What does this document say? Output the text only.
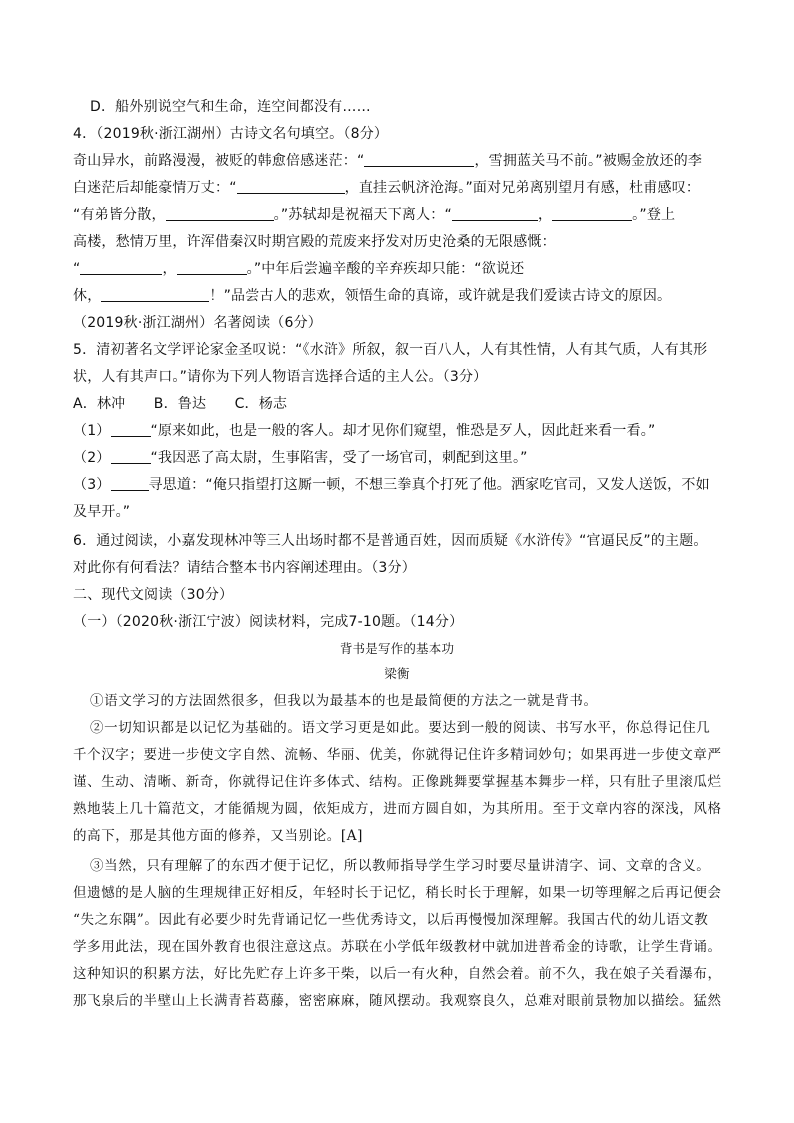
D．船外别说空气和生命，连空间都没有……
4．（2019秋·浙江湖州）古诗文名句填空。（8分）
奇山异水，前路漫漫，被贬的韩愈倍感迷茫：“	，雪拥蓝关马不前。”被赐金放还的李
白迷茫后却能豪情万丈：“	，直挂云帆济沧海。”面对兄弟离别望月有感，杜甫感叹：
“有弟皆分散，	。”苏轼却是祝福天下离人：“	，	。”登上
高楼，愁情万里，许浑借秦汉时期宫殿的荒废来抒发对历史沧桑的无限感慨：
“	，	。”中年后尝遍辛酸的辛弃疾却只能：“欲说还
休，	！”品尝古人的悲欢，领悟生命的真谛，或许就是我们爱读古诗文的原因。
（2019秋·浙江湖州）名著阅读（6分）
5．清初著名文学评论家金圣叹说：“《水浒》所叙，叙一百八人，人有其性情，人有其气质，人有其形
状，人有其声口。”请你为下列人物语言选择合适的主人公。（3分）
A．林冲　　B．鲁达　　C．杨志
（1）	“原来如此，也是一般的客人。却才见你们窥望，惟恐是歹人，因此赶来看一看。”
（2）	“我因恶了高太尉，生事陷害，受了一场官司，刺配到这里。”
（3）	寻思道：“俺只指望打这厮一顿，不想三拳真个打死了他。洒家吃官司，又发人送饭，不如
及早开。”
6．通过阅读，小嘉发现林冲等三人出场时都不是普通百姓，因而质疑《水浒传》“官逼民反”的主题。
对此你有何看法？请结合整本书内容阐述理由。（3分）
二、现代文阅读（30分）
（一）（2020秋·浙江宁波）阅读材料，完成7-10题。（14分）
背书是写作的基本功
梁衡
①语文学习的方法固然很多，但我以为最基本的也是最简便的方法之一就是背书。
②一切知识都是以记忆为基础的。语文学习更是如此。要达到一般的阅读、书写水平，你总得记住几
千个汉字；要进一步使文字自然、流畅、华丽、优美，你就得记住许多精词妙句；如果再进一步使文章严
谨、生动、清晰、新奇，你就得记住许多体式、结构。正像跳舞要掌握基本舞步一样，只有肚子里滚瓜烂
熟地装上几十篇范文，才能循规为圆，依矩成方，进而方圆自如，为其所用。至于文章内容的深浅，风格
的高下，那是其他方面的修养，又当别论。[A]
③当然，只有理解了的东西才便于记忆，所以教师指导学生学习时要尽量讲清字、词、文章的含义。
但遗憾的是人脑的生理规律正好相反，年轻时长于记忆，稍长时长于理解，如果一切等理解之后再记便会
“失之东隅”。因此有必要少时先背诵记忆一些优秀诗文，以后再慢慢加深理解。我国古代的幼儿语文教
学多用此法，现在国外教育也很注意这点。苏联在小学低年级教材中就加进普希金的诗歌，让学生背诵。
这种知识的积累方法，好比先贮存上许多干柴，以后一有火种，自然会着。前不久，我在娘子关看瀑布，
那飞泉后的半壁山上长满青苔葛藤，密密麻麻，随风摆动。我观察良久，总难对眼前景物加以描绘。猛然
